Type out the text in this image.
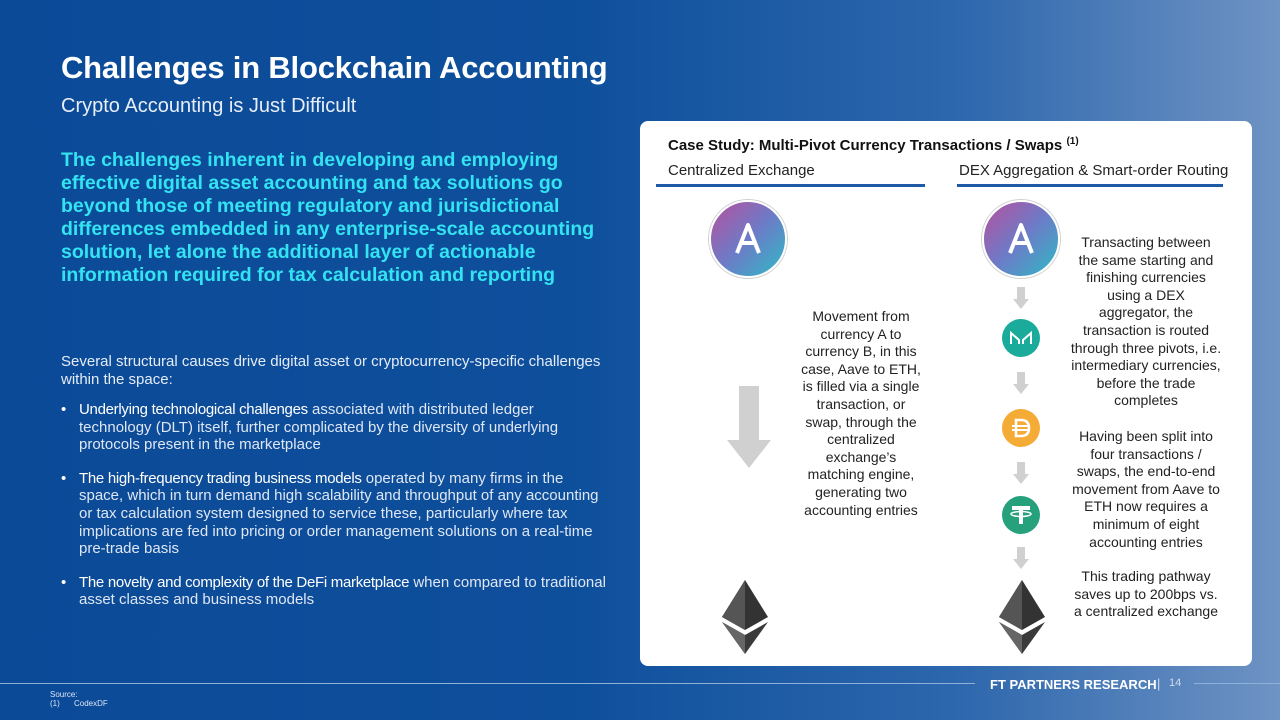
Challenges in Blockchain Accounting
Crypto Accounting is Just Difficult
The challenges inherent in developing and employing effective digital asset accounting and tax solutions go beyond those of meeting regulatory and jurisdictional differences embedded in any enterprise-scale accounting solution, let alone the additional layer of actionable information required for tax calculation and reporting
Several structural causes drive digital asset or cryptocurrency-specific challenges within the space:
• Underlying technological challenges associated with distributed ledger technology (DLT) itself, further complicated by the diversity of underlying protocols present in the marketplace
• The high-frequency trading business models operated by many firms in the space, which in turn demand high scalability and throughput of any accounting or tax calculation system designed to service these, particularly where tax implications are fed into pricing or order management solutions on a real-time pre-trade basis
• The novelty and complexity of the DeFi marketplace when compared to traditional asset classes and business models
Case Study: Multi-Pivot Currency Transactions / Swaps $^{(1)}$
Centralized Exchange	DEX Aggregation & Smart-order Routing
Movement from currency A to currency B, in this case, Aave to ETH, is filled via a single transaction, or swap, through the centralized exchange’s matching engine, generating two accounting entries
Transacting between the same starting and finishing currencies using a DEX aggregator, the transaction is routed through three pivots, i.e. intermediary currencies, before the trade completes
Having been split into four transactions / swaps, the end-to-end movement from Aave to ETH now requires a minimum of eight accounting entries
This trading pathway saves up to 200bps vs. a centralized exchange
FT PARTNERS RESEARCH | 14
Source:
(1) CodexDF
